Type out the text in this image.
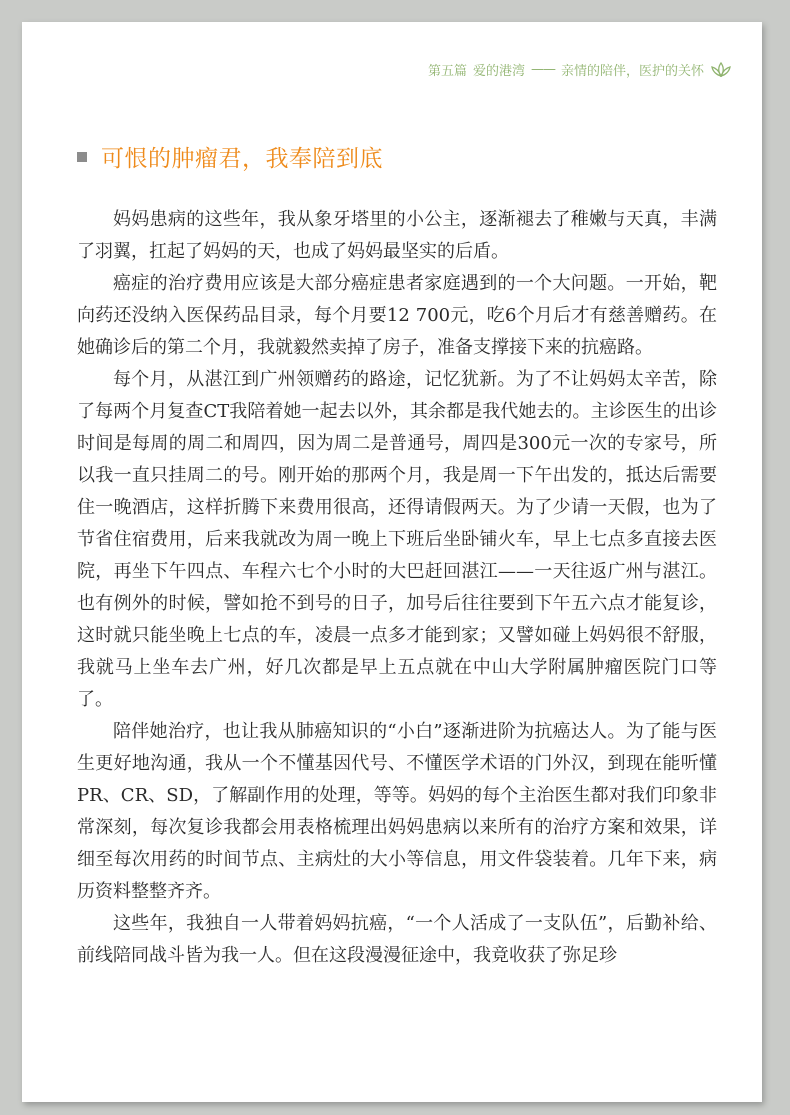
第五篇 爱的港湾 —— 亲情的陪伴，医护的关怀
可恨的肿瘤君，我奉陪到底

妈妈患病的这些年，我从象牙塔里的小公主，逐渐褪去了稚嫩与天真，丰满了羽翼，扛起了妈妈的天，也成了妈妈最坚实的后盾。

癌症的治疗费用应该是大部分癌症患者家庭遇到的一个大问题。一开始，靶向药还没纳入医保药品目录，每个月要12 700元，吃6个月后才有慈善赠药。在她确诊后的第二个月，我就毅然卖掉了房子，准备支撑接下来的抗癌路。

每个月，从湛江到广州领赠药的路途，记忆犹新。为了不让妈妈太辛苦，除了每两个月复查CT我陪着她一起去以外，其余都是我代她去的。主诊医生的出诊时间是每周的周二和周四，因为周二是普通号，周四是300元一次的专家号，所以我一直只挂周二的号。刚开始的那两个月，我是周一下午出发的，抵达后需要住一晚酒店，这样折腾下来费用很高，还得请假两天。为了少请一天假，也为了节省住宿费用，后来我就改为周一晚上下班后坐卧铺火车，早上七点多直接去医院，再坐下午四点、车程六七个小时的大巴赶回湛江——一天往返广州与湛江。也有例外的时候，譬如抢不到号的日子，加号后往往要到下午五六点才能复诊，这时就只能坐晚上七点的车，凌晨一点多才能到家；又譬如碰上妈妈很不舒服，我就马上坐车去广州，好几次都是早上五点就在中山大学附属肿瘤医院门口等了。

陪伴她治疗，也让我从肺癌知识的“小白”逐渐进阶为抗癌达人。为了能与医生更好地沟通，我从一个不懂基因代号、不懂医学术语的门外汉，到现在能听懂PR、CR、SD，了解副作用的处理，等等。妈妈的每个主治医生都对我们印象非常深刻，每次复诊我都会用表格梳理出妈妈患病以来所有的治疗方案和效果，详细至每次用药的时间节点、主病灶的大小等信息，用文件袋装着。几年下来，病历资料整整齐齐。

这些年，我独自一人带着妈妈抗癌，“一个人活成了一支队伍”，后勤补给、前线陪同战斗皆为我一人。但在这段漫漫征途中，我竟收获了弥足珍
